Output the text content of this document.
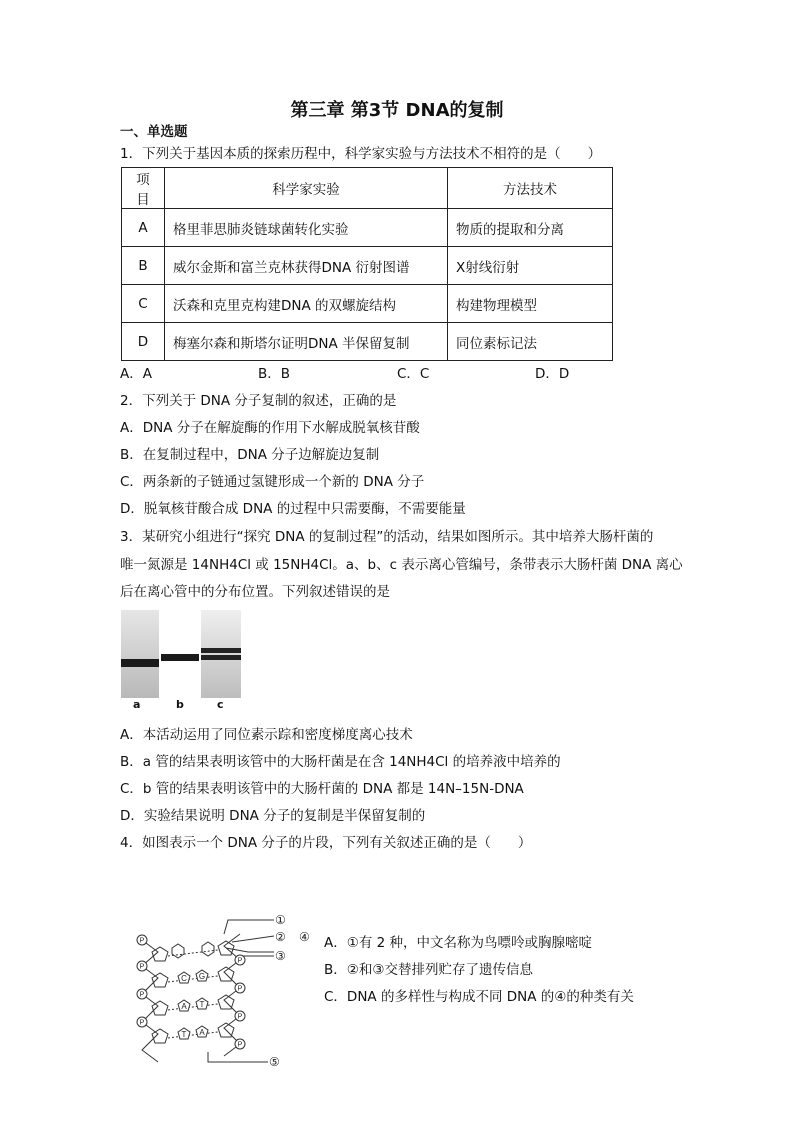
第三章 第3节 DNA的复制
一、单选题
1．下列关于基因本质的探索历程中，科学家实验与方法技术不相符的是（　　）
项目	科学家实验	方法技术
A	格里菲思肺炎链球菌转化实验	物质的提取和分离
B	威尔金斯和富兰克林获得DNA 衍射图谱	X射线衍射
C	沃森和克里克构建DNA 的双螺旋结构	构建物理模型
D	梅塞尔森和斯塔尔证明DNA 半保留复制	同位素标记法
A．A	B．B	C．C	D．D
2．下列关于 DNA 分子复制的叙述，正确的是
A．DNA 分子在解旋酶的作用下水解成脱氧核苷酸
B．在复制过程中，DNA 分子边解旋边复制
C．两条新的子链通过氢键形成一个新的 DNA 分子
D．脱氧核苷酸合成 DNA 的过程中只需要酶，不需要能量
3．某研究小组进行“探究 DNA 的复制过程”的活动，结果如图所示。其中培养大肠杆菌的
唯一氮源是 14NH4Cl 或 15NH4Cl。a、b、c 表示离心管编号，条带表示大肠杆菌 DNA 离心
后在离心管中的分布位置。下列叙述错误的是
a	b	c
A．本活动运用了同位素示踪和密度梯度离心技术
B．a 管的结果表明该管中的大肠杆菌是在含 14NH4Cl 的培养液中培养的
C．b 管的结果表明该管中的大肠杆菌的 DNA 都是 14N–15N-DNA
D．实验结果说明 DNA 分子的复制是半保留复制的
4．如图表示一个 DNA 分子的片段，下列有关叙述正确的是（　　）
P
P
P
P
P
P
P
P
C G
A T
T A
①
② ④
③
⑤
A．①有 2 种，中文名称为鸟嘌呤或胸腺嘧啶
B．②和③交替排列贮存了遗传信息
C．DNA 的多样性与构成不同 DNA 的④的种类有关
